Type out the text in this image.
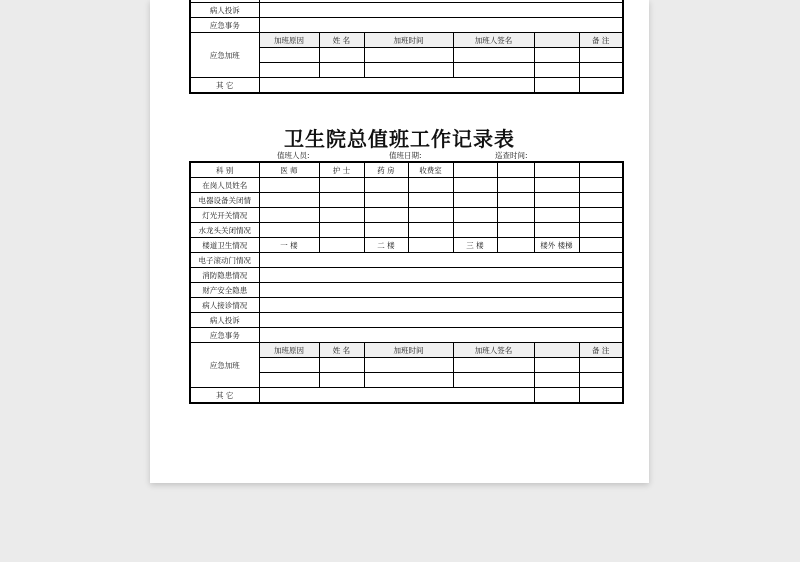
病人投诉						
应急事务						
应急加班	加班原因	姓 名	加班时间	加班人签名		备 注

其 它						
卫生院总值班工作记录表
值班人员:	值班日期:	巡查时间:
科 别	医 师	护 士	药 房	收费室				
在岗人员姓名								
电器设备关闭情								
灯光开关情况								
水龙头关闭情况								
楼道卫生情况	一 楼		二 楼		三 楼		楼外 楼梯	
电子滚动门情况								
消防隐患情况								
财产安全隐患								
病人接诊情况								
病人投诉								
应急事务								
应急加班	加班原因	姓 名	加班时间		加班人签名			备 注

其 它								
